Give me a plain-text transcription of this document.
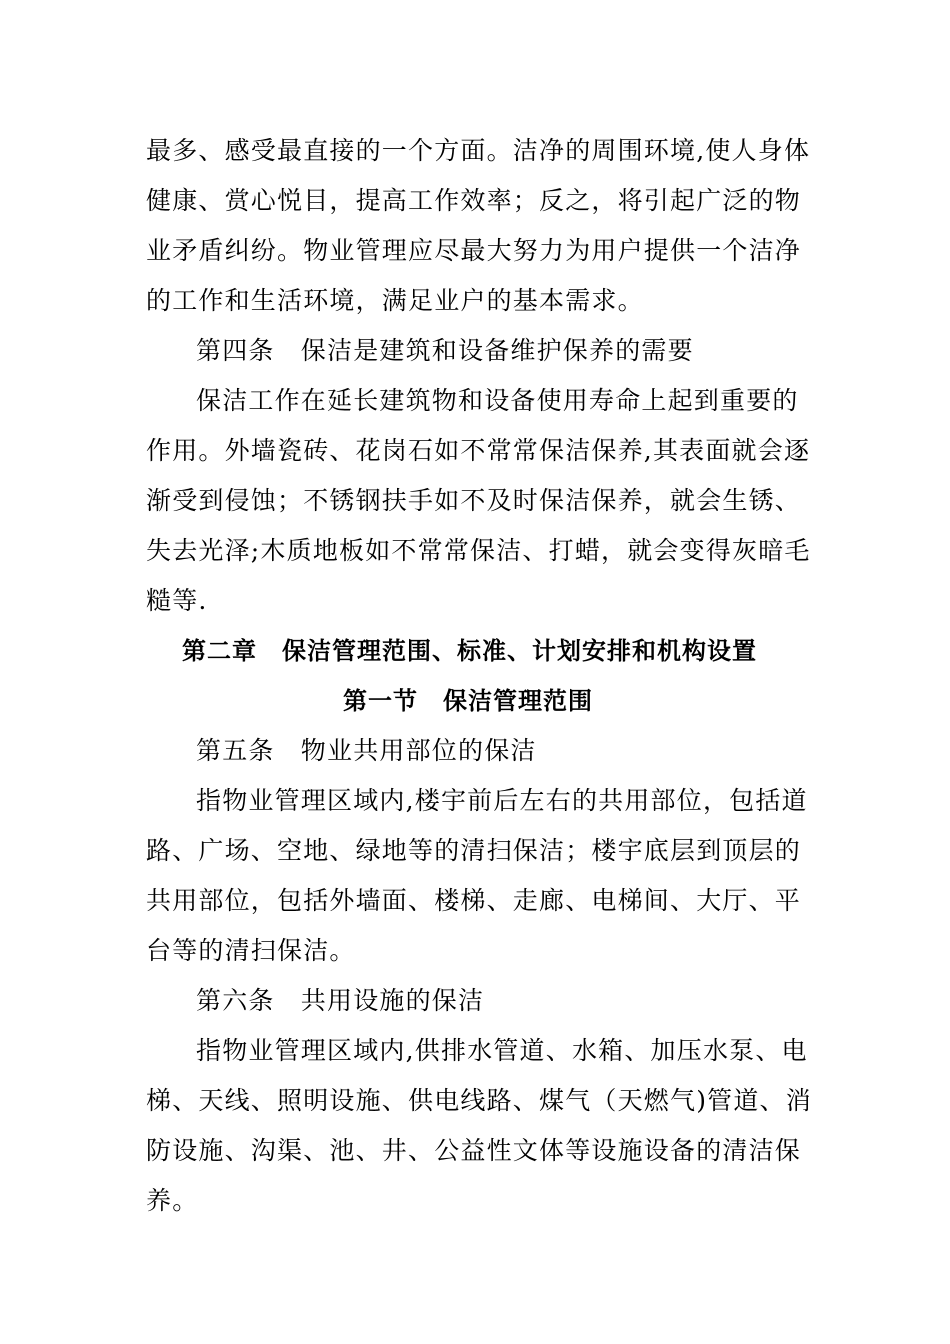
最多、感受最直接的一个方面。洁净的周围环境,使人身体
健康、赏心悦目，提高工作效率；反之，将引起广泛的物
业矛盾纠纷。物业管理应尽最大努力为用户提供一个洁净
的工作和生活环境，满足业户的基本需求。
第四条　保洁是建筑和设备维护保养的需要
保洁工作在延长建筑物和设备使用寿命上起到重要的
作用。外墙瓷砖、花岗石如不常常保洁保养,其表面就会逐
渐受到侵蚀；不锈钢扶手如不及时保洁保养，就会生锈、
失去光泽;木质地板如不常常保洁、打蜡，就会变得灰暗毛
糙等.
第二章　保洁管理范围、标准、计划安排和机构设置
第一节　保洁管理范围
第五条　物业共用部位的保洁
指物业管理区域内,楼宇前后左右的共用部位，包括道
路、广场、空地、绿地等的清扫保洁；楼宇底层到顶层的
共用部位，包括外墙面、楼梯、走廊、电梯间、大厅、平
台等的清扫保洁。
第六条　共用设施的保洁
指物业管理区域内,供排水管道、水箱、加压水泵、电
梯、天线、照明设施、供电线路、煤气（天燃气)管道、消
防设施、沟渠、池、井、公益性文体等设施设备的清洁保
养。
